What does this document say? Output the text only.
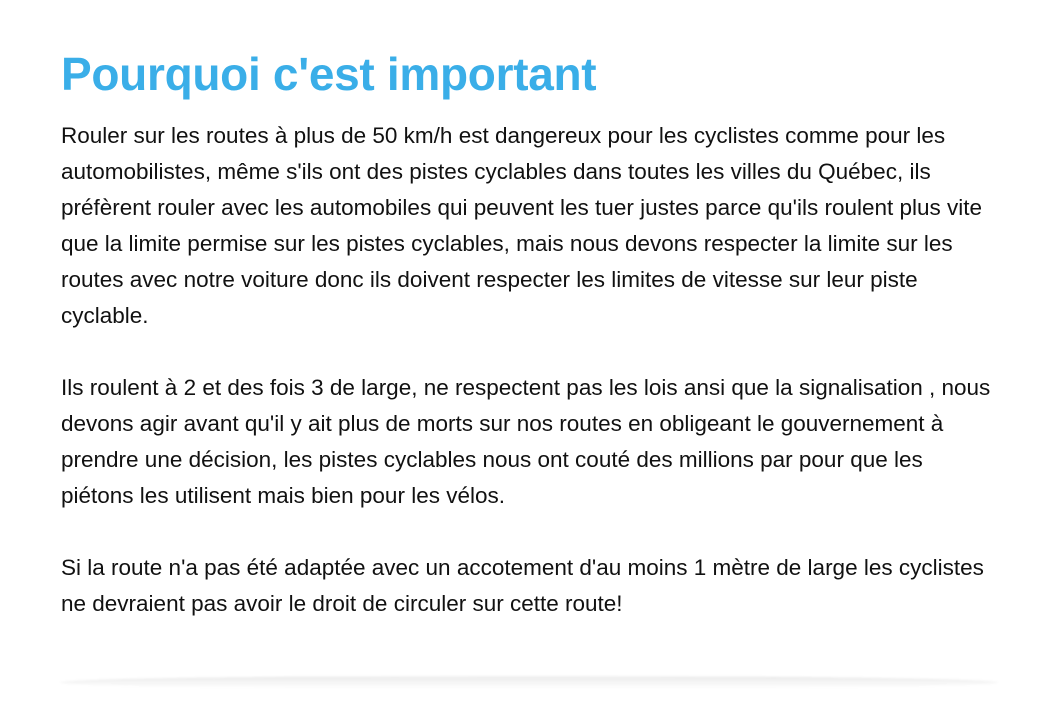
Pourquoi c'est important

Rouler sur les routes à plus de 50 km/h est dangereux pour les cyclistes comme pour les automobilistes, même s'ils ont des pistes cyclables dans toutes les villes du Québec, ils préfèrent rouler avec les automobiles qui peuvent les tuer justes parce qu'ils roulent plus vite que la limite permise sur les pistes cyclables, mais nous devons respecter la limite sur les routes avec notre voiture donc ils doivent respecter les limites de vitesse sur leur piste cyclable.

Ils roulent à 2 et des fois 3 de large, ne respectent pas les lois ansi que la signalisation , nous devons agir avant qu'il y ait plus de morts sur nos routes en obligeant le gouvernement à prendre une décision, les pistes cyclables nous ont couté des millions par pour que les piétons les utilisent mais bien pour les vélos.

Si la route n'a pas été adaptée avec un accotement d'au moins 1 mètre de large les cyclistes ne devraient pas avoir le droit de circuler sur cette route!
